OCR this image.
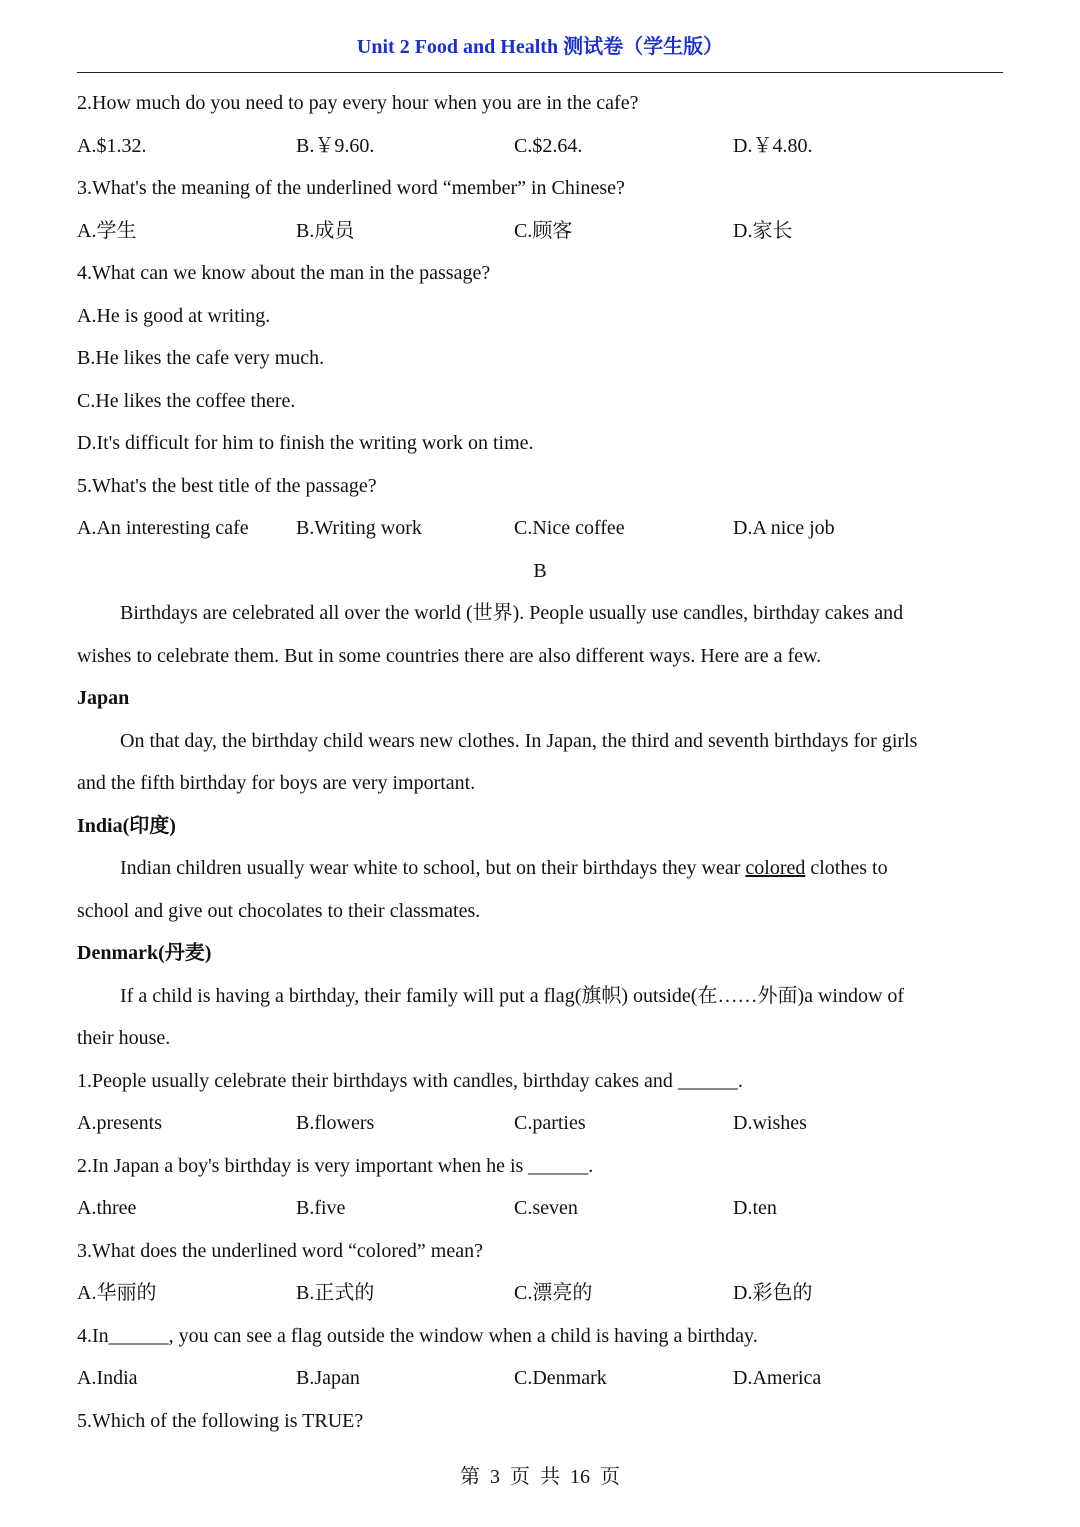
Unit 2 Food and Health 测试卷（学生版）
2.How much do you need to pay every hour when you are in the cafe?
A.$1.32.	B.￥9.60.	C.$2.64.	D.￥4.80.
3.What's the meaning of the underlined word “member” in Chinese?
A.学生	B.成员	C.顾客	D.家长
4.What can we know about the man in the passage?
A.He is good at writing.
B.He likes the cafe very much.
C.He likes the coffee there.
D.It's difficult for him to finish the writing work on time.
5.What's the best title of the passage?
A.An interesting cafe B.Writing work	C.Nice coffee	D.A nice job
B
Birthdays are celebrated all over the world (世界). People usually use candles, birthday cakes and
wishes to celebrate them. But in some countries there are also different ways. Here are a few.
Japan
On that day, the birthday child wears new clothes. In Japan, the third and seventh birthdays for girls
and the fifth birthday for boys are very important.
India(印度)
Indian children usually wear white to school, but on their birthdays they wear colored clothes to
school and give out chocolates to their classmates.
Denmark(丹麦)
If a child is having a birthday, their family will put a flag(旗帜) outside(在……外面)a window of
their house.
1.People usually celebrate their birthdays with candles, birthday cakes and ______.
A.presents	B.flowers	C.parties	D.wishes
2.In Japan a boy's birthday is very important when he is ______.
A.three	B.five	C.seven	D.ten
3.What does the underlined word “colored” mean?
A.华丽的	B.正式的	C.漂亮的	D.彩色的
4.In______, you can see a flag outside the window when a child is having a birthday.
A.India	B.Japan	C.Denmark	D.America
5.Which of the following is TRUE?
第 3 页 共 16 页
